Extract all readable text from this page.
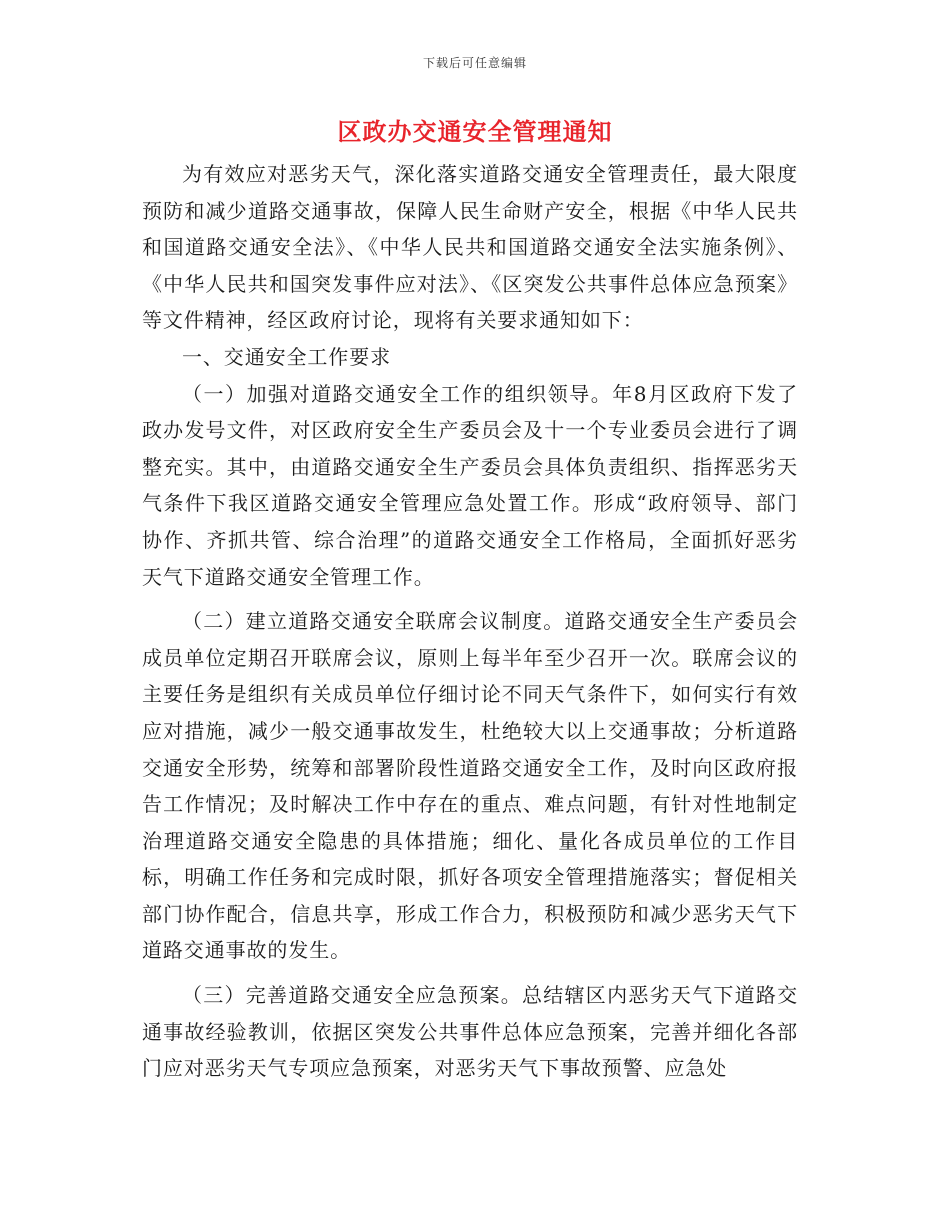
下载后可任意编辑
区政办交通安全管理通知

为有效应对恶劣天气，深化落实道路交通安全管理责任，最大限度预防和减少道路交通事故，保障人民生命财产安全，根据《中华人民共和国道路交通安全法》、《中华人民共和国道路交通安全法实施条例》、《中华人民共和国突发事件应对法》、《区突发公共事件总体应急预案》等文件精神，经区政府讨论，现将有关要求通知如下：

一、交通安全工作要求

（一）加强对道路交通安全工作的组织领导。年8月区政府下发了政办发号文件，对区政府安全生产委员会及十一个专业委员会进行了调整充实。其中，由道路交通安全生产委员会具体负责组织、指挥恶劣天气条件下我区道路交通安全管理应急处置工作。形成“政府领导、部门协作、齐抓共管、综合治理”的道路交通安全工作格局，全面抓好恶劣天气下道路交通安全管理工作。

（二）建立道路交通安全联席会议制度。道路交通安全生产委员会成员单位定期召开联席会议，原则上每半年至少召开一次。联席会议的主要任务是组织有关成员单位仔细讨论不同天气条件下，如何实行有效应对措施，减少一般交通事故发生，杜绝较大以上交通事故；分析道路交通安全形势，统筹和部署阶段性道路交通安全工作，及时向区政府报告工作情况；及时解决工作中存在的重点、难点问题，有针对性地制定治理道路交通安全隐患的具体措施；细化、量化各成员单位的工作目标，明确工作任务和完成时限，抓好各项安全管理措施落实；督促相关部门协作配合，信息共享，形成工作合力，积极预防和减少恶劣天气下道路交通事故的发生。

（三）完善道路交通安全应急预案。总结辖区内恶劣天气下道路交通事故经验教训，依据区突发公共事件总体应急预案，完善并细化各部门应对恶劣天气专项应急预案，对恶劣天气下事故预警、应急处
